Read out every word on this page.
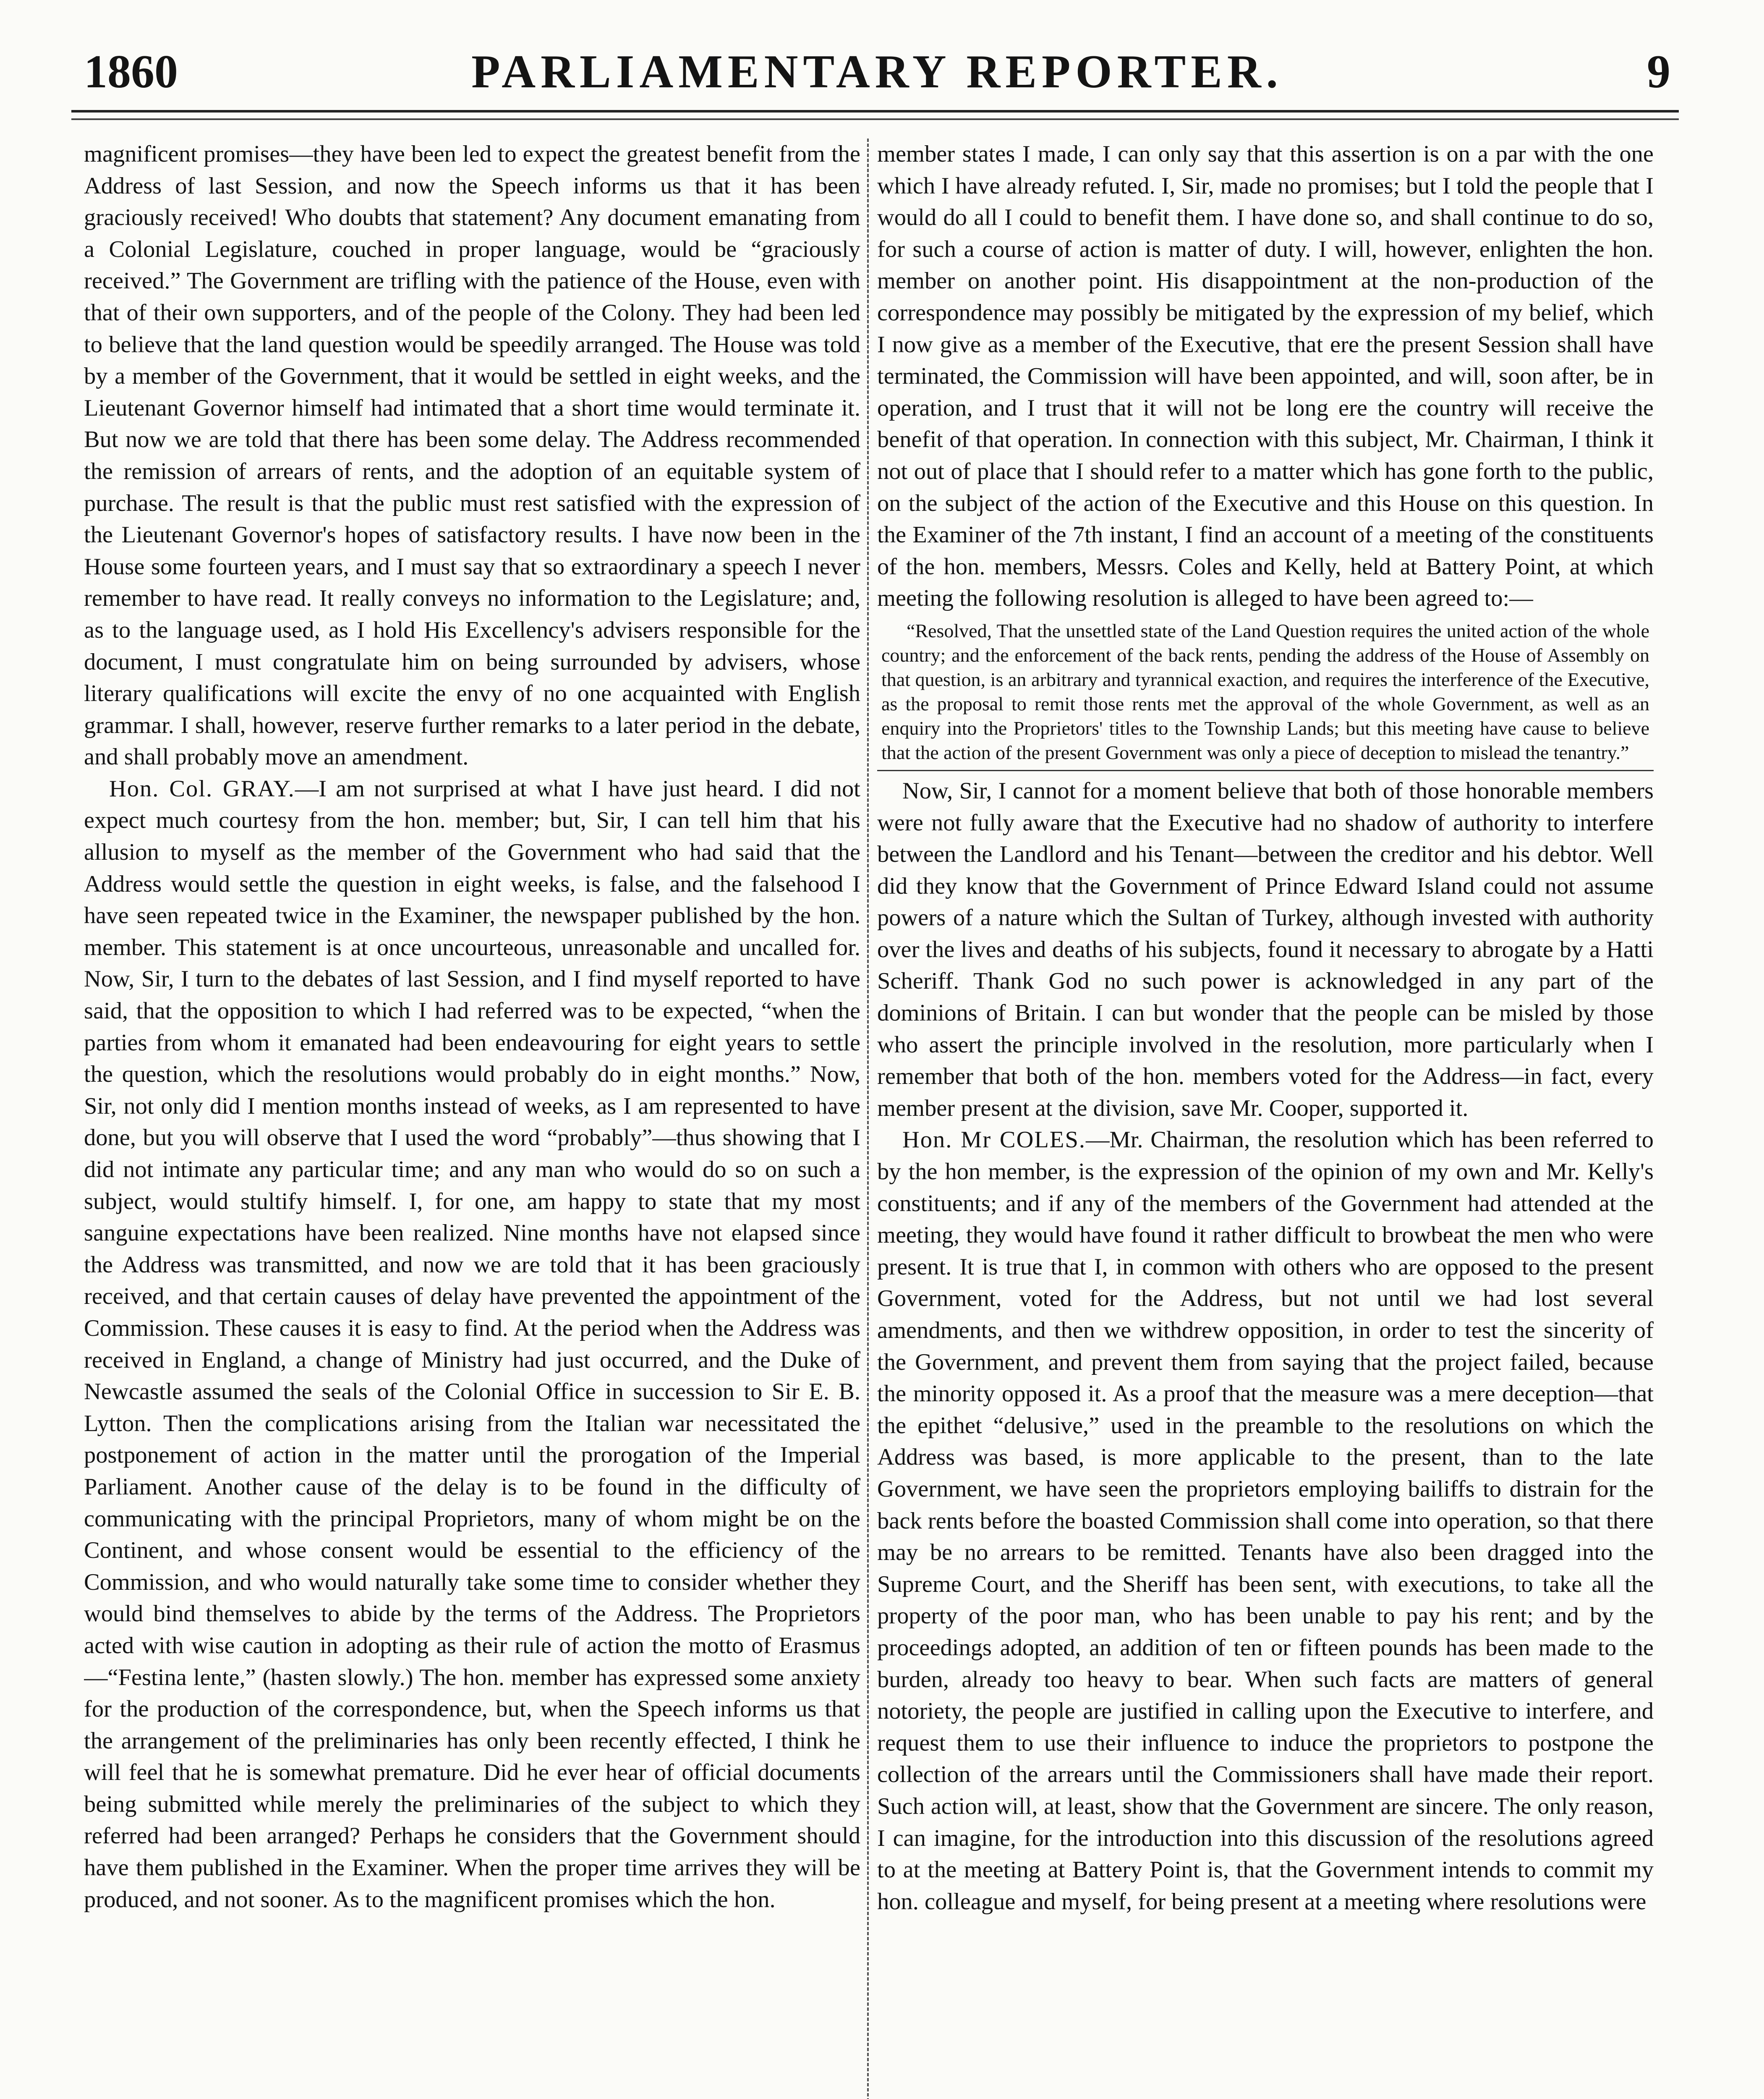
1860	PARLIAMENTARY REPORTER.	9

magnificent promises—they have been led to expect the greatest benefit from the Address of last Session, and now the Speech informs us that it has been graciously received! Who doubts that statement? Any document emanating from a Colonial Legislature, couched in proper language, would be “graciously received.” The Government are trifling with the patience of the House, even with that of their own supporters, and of the people of the Colony. They had been led to believe that the land question would be speedily arranged. The House was told by a member of the Government, that it would be settled in eight weeks, and the Lieutenant Governor himself had intimated that a short time would terminate it. But now we are told that there has been some delay. The Address recommended the remission of arrears of rents, and the adoption of an equitable system of purchase. The result is that the public must rest satisfied with the expression of the Lieutenant Governor's hopes of satisfactory results. I have now been in the House some fourteen years, and I must say that so extraordinary a speech I never remember to have read. It really conveys no information to the Legislature; and, as to the language used, as I hold His Excellency's advisers responsible for the document, I must congratulate him on being surrounded by advisers, whose literary qualifications will excite the envy of no one acquainted with English grammar. I shall, however, reserve further remarks to a later period in the debate, and shall probably move an amendment.

Hon. Col. GRAY.—I am not surprised at what I have just heard. I did not expect much courtesy from the hon. member; but, Sir, I can tell him that his allusion to myself as the member of the Government who had said that the Address would settle the question in eight weeks, is false, and the falsehood I have seen repeated twice in the Examiner, the newspaper published by the hon. member. This statement is at once uncourteous, unreasonable and uncalled for. Now, Sir, I turn to the debates of last Session, and I find myself reported to have said, that the opposition to which I had referred was to be expected, “when the parties from whom it emanated had been endeavouring for eight years to settle the question, which the resolutions would probably do in eight months.” Now, Sir, not only did I mention months instead of weeks, as I am represented to have done, but you will observe that I used the word “probably”—thus showing that I did not intimate any particular time; and any man who would do so on such a subject, would stultify himself. I, for one, am happy to state that my most sanguine expectations have been realized. Nine months have not elapsed since the Address was transmitted, and now we are told that it has been graciously received, and that certain causes of delay have prevented the appointment of the Commission. These causes it is easy to find. At the period when the Address was received in England, a change of Ministry had just occurred, and the Duke of Newcastle assumed the seals of the Colonial Office in succession to Sir E. B. Lytton. Then the complications arising from the Italian war necessitated the postponement of action in the matter until the prorogation of the Imperial Parliament. Another cause of the delay is to be found in the difficulty of communicating with the principal Proprietors, many of whom might be on the Continent, and whose consent would be essential to the efficiency of the Commission, and who would naturally take some time to consider whether they would bind themselves to abide by the terms of the Address. The Proprietors acted with wise caution in adopting as their rule of action the motto of Erasmus—“Festina lente,” (hasten slowly.) The hon. member has expressed some anxiety for the production of the correspondence, but, when the Speech informs us that the arrangement of the preliminaries has only been recently effected, I think he will feel that he is somewhat premature. Did he ever hear of official documents being submitted while merely the preliminaries of the subject to which they referred had been arranged? Perhaps he considers that the Government should have them published in the Examiner. When the proper time arrives they will be produced, and not sooner. As to the magnificent promises which the hon.

member states I made, I can only say that this assertion is on a par with the one which I have already refuted. I, Sir, made no promises; but I told the people that I would do all I could to benefit them. I have done so, and shall continue to do so, for such a course of action is matter of duty. I will, however, enlighten the hon. member on another point. His disappointment at the non-production of the correspondence may possibly be mitigated by the expression of my belief, which I now give as a member of the Executive, that ere the present Session shall have terminated, the Commission will have been appointed, and will, soon after, be in operation, and I trust that it will not be long ere the country will receive the benefit of that operation. In connection with this subject, Mr. Chairman, I think it not out of place that I should refer to a matter which has gone forth to the public, on the subject of the action of the Executive and this House on this question. In the Examiner of the 7th instant, I find an account of a meeting of the constituents of the hon. members, Messrs. Coles and Kelly, held at Battery Point, at which meeting the following resolution is alleged to have been agreed to:—

“Resolved, That the unsettled state of the Land Question requires the united action of the whole country; and the enforcement of the back rents, pending the address of the House of Assembly on that question, is an arbitrary and tyrannical exaction, and requires the interference of the Executive, as the proposal to remit those rents met the approval of the whole Government, as well as an enquiry into the Proprietors' titles to the Township Lands; but this meeting have cause to believe that the action of the present Government was only a piece of deception to mislead the tenantry.”

Now, Sir, I cannot for a moment believe that both of those honorable members were not fully aware that the Executive had no shadow of authority to interfere between the Landlord and his Tenant—between the creditor and his debtor. Well did they know that the Government of Prince Edward Island could not assume powers of a nature which the Sultan of Turkey, although invested with authority over the lives and deaths of his subjects, found it necessary to abrogate by a Hatti Scheriff. Thank God no such power is acknowledged in any part of the dominions of Britain. I can but wonder that the people can be misled by those who assert the principle involved in the resolution, more particularly when I remember that both of the hon. members voted for the Address—in fact, every member present at the division, save Mr. Cooper, supported it.

Hon. Mr COLES.—Mr. Chairman, the resolution which has been referred to by the hon member, is the expression of the opinion of my own and Mr. Kelly's constituents; and if any of the members of the Government had attended at the meeting, they would have found it rather difficult to browbeat the men who were present. It is true that I, in common with others who are opposed to the present Government, voted for the Address, but not until we had lost several amendments, and then we withdrew opposition, in order to test the sincerity of the Government, and prevent them from saying that the project failed, because the minority opposed it. As a proof that the measure was a mere deception—that the epithet “delusive,” used in the preamble to the resolutions on which the Address was based, is more applicable to the present, than to the late Government, we have seen the proprietors employing bailiffs to distrain for the back rents before the boasted Commission shall come into operation, so that there may be no arrears to be remitted. Tenants have also been dragged into the Supreme Court, and the Sheriff has been sent, with executions, to take all the property of the poor man, who has been unable to pay his rent; and by the proceedings adopted, an addition of ten or fifteen pounds has been made to the burden, already too heavy to bear. When such facts are matters of general notoriety, the people are justified in calling upon the Executive to interfere, and request them to use their influence to induce the proprietors to postpone the collection of the arrears until the Commissioners shall have made their report. Such action will, at least, show that the Government are sincere. The only reason, I can imagine, for the introduction into this discussion of the resolutions agreed to at the meeting at Battery Point is, that the Government intends to commit my hon. colleague and myself, for being present at a meeting where resolutions were
